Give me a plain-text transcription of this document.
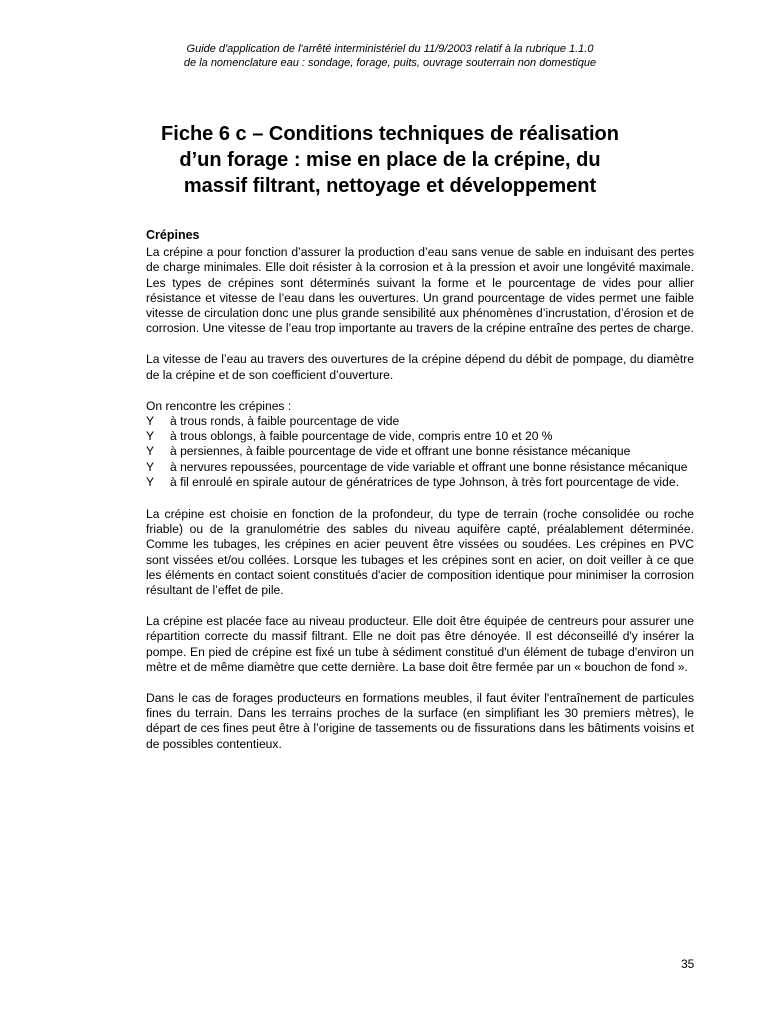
Guide d'application de l'arrêté interministériel du 11/9/2003 relatif à la rubrique 1.1.0
de la nomenclature eau : sondage, forage, puits, ouvrage souterrain non domestique
Fiche 6 c – Conditions techniques de réalisation
d’un forage : mise en place de la crépine, du
massif filtrant, nettoyage et développement
Crépines

La crépine a pour fonction d’assurer la production d’eau sans venue de sable en induisant des pertes de charge minimales. Elle doit résister à la corrosion et à la pression et avoir une longévité maximale. Les types de crépines sont déterminés suivant la forme et le pourcentage de vides pour allier résistance et vitesse de l’eau dans les ouvertures. Un grand pourcentage de vides permet une faible vitesse de circulation donc une plus grande sensibilité aux phénomènes d’incrustation, d’érosion et de corrosion. Une vitesse de l’eau trop importante au travers de la crépine entraîne des pertes de charge.

La vitesse de l’eau au travers des ouvertures de la crépine dépend du débit de pompage, du diamètre de la crépine et de son coefficient d’ouverture.

On rencontre les crépines :

Y à trous ronds, à faible pourcentage de vide
Y à trous oblongs, à faible pourcentage de vide, compris entre 10 et 20 %
Y à persiennes, à faible pourcentage de vide et offrant une bonne résistance mécanique
Y à nervures repoussées, pourcentage de vide variable et offrant une bonne résistance mécanique
Y à fil enroulé en spirale autour de génératrices de type Johnson, à très fort pourcentage de vide.

La crépine est choisie en fonction de la profondeur, du type de terrain (roche consolidée ou roche friable) ou de la granulométrie des sables du niveau aquifère capté, préalablement déterminée. Comme les tubages, les crépines en acier peuvent être vissées ou soudées. Les crépines en PVC sont vissées et/ou collées. Lorsque les tubages et les crépines sont en acier, on doit veiller à ce que les éléments en contact soient constitués d'acier de composition identique pour minimiser la corrosion résultant de l’effet de pile.

La crépine est placée face au niveau producteur. Elle doit être équipée de centreurs pour assurer une répartition correcte du massif filtrant. Elle ne doit pas être dénoyée. Il est déconseillé d'y insérer la pompe. En pied de crépine est fixé un tube à sédiment constitué d'un élément de tubage d'environ un mètre et de même diamètre que cette dernière. La base doit être fermée par un « bouchon de fond ».

Dans le cas de forages producteurs en formations meubles, il faut éviter l'entraînement de particules fines du terrain. Dans les terrains proches de la surface (en simplifiant les 30 premiers mètres), le départ de ces fines peut être à l’origine de tassements ou de fissurations dans les bâtiments voisins et de possibles contentieux.

35
